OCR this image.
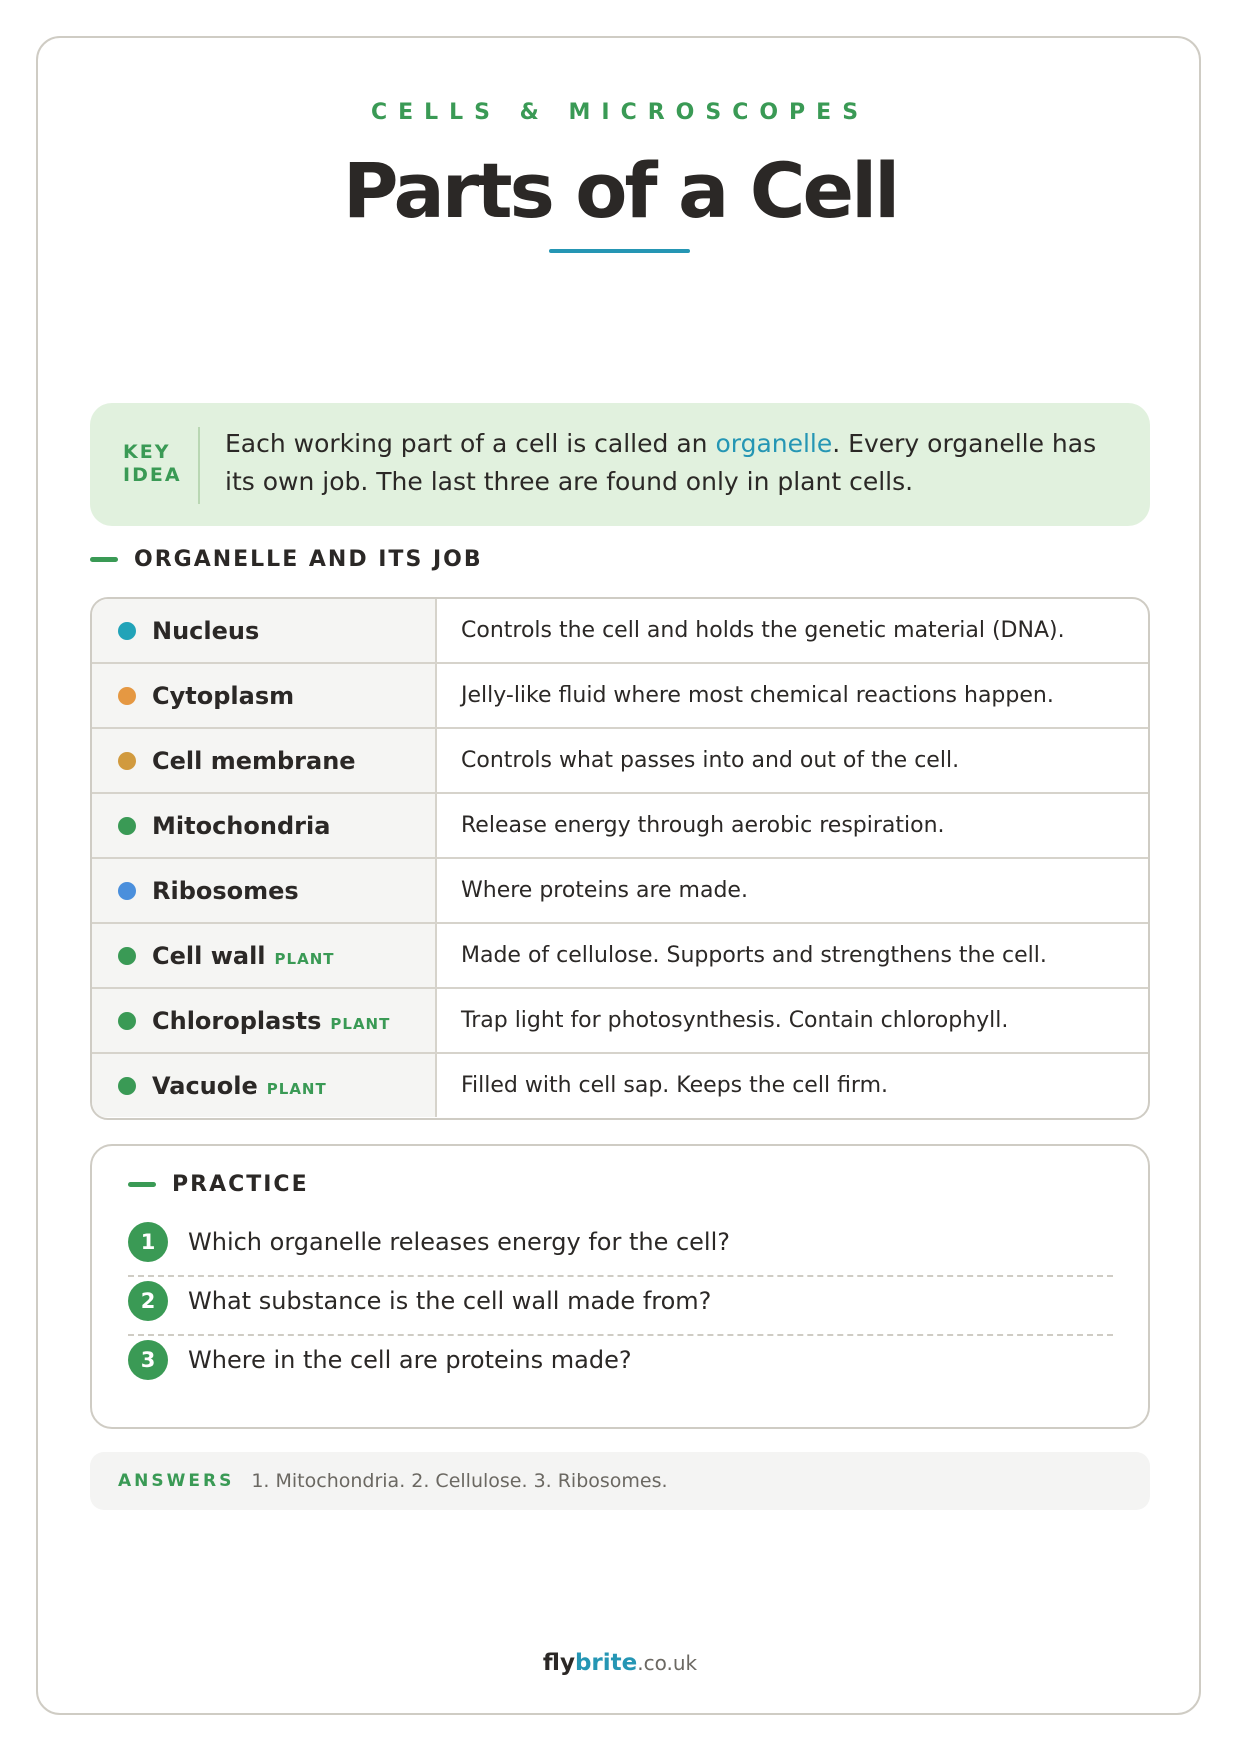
CELLS & MICROSCOPES
Parts of a Cell
KEY
IDEA
Each working part of a cell is called an organelle. Every organelle has its own job. The last three are found only in plant cells.
ORGANELLE AND ITS JOB
Nucleus	Controls the cell and holds the genetic material (DNA).
Cytoplasm	Jelly-like fluid where most chemical reactions happen.
Cell membrane	Controls what passes into and out of the cell.
Mitochondria	Release energy through aerobic respiration.
Ribosomes	Where proteins are made.
Cell wall PLANT	Made of cellulose. Supports and strengthens the cell.
Chloroplasts PLANT	Trap light for photosynthesis. Contain chlorophyll.
Vacuole PLANT	Filled with cell sap. Keeps the cell firm.
PRACTICE
1	Which organelle releases energy for the cell?
2	What substance is the cell wall made from?
3	Where in the cell are proteins made?
ANSWERS 1. Mitochondria. 2. Cellulose. 3. Ribosomes.
flybrite.co.uk
